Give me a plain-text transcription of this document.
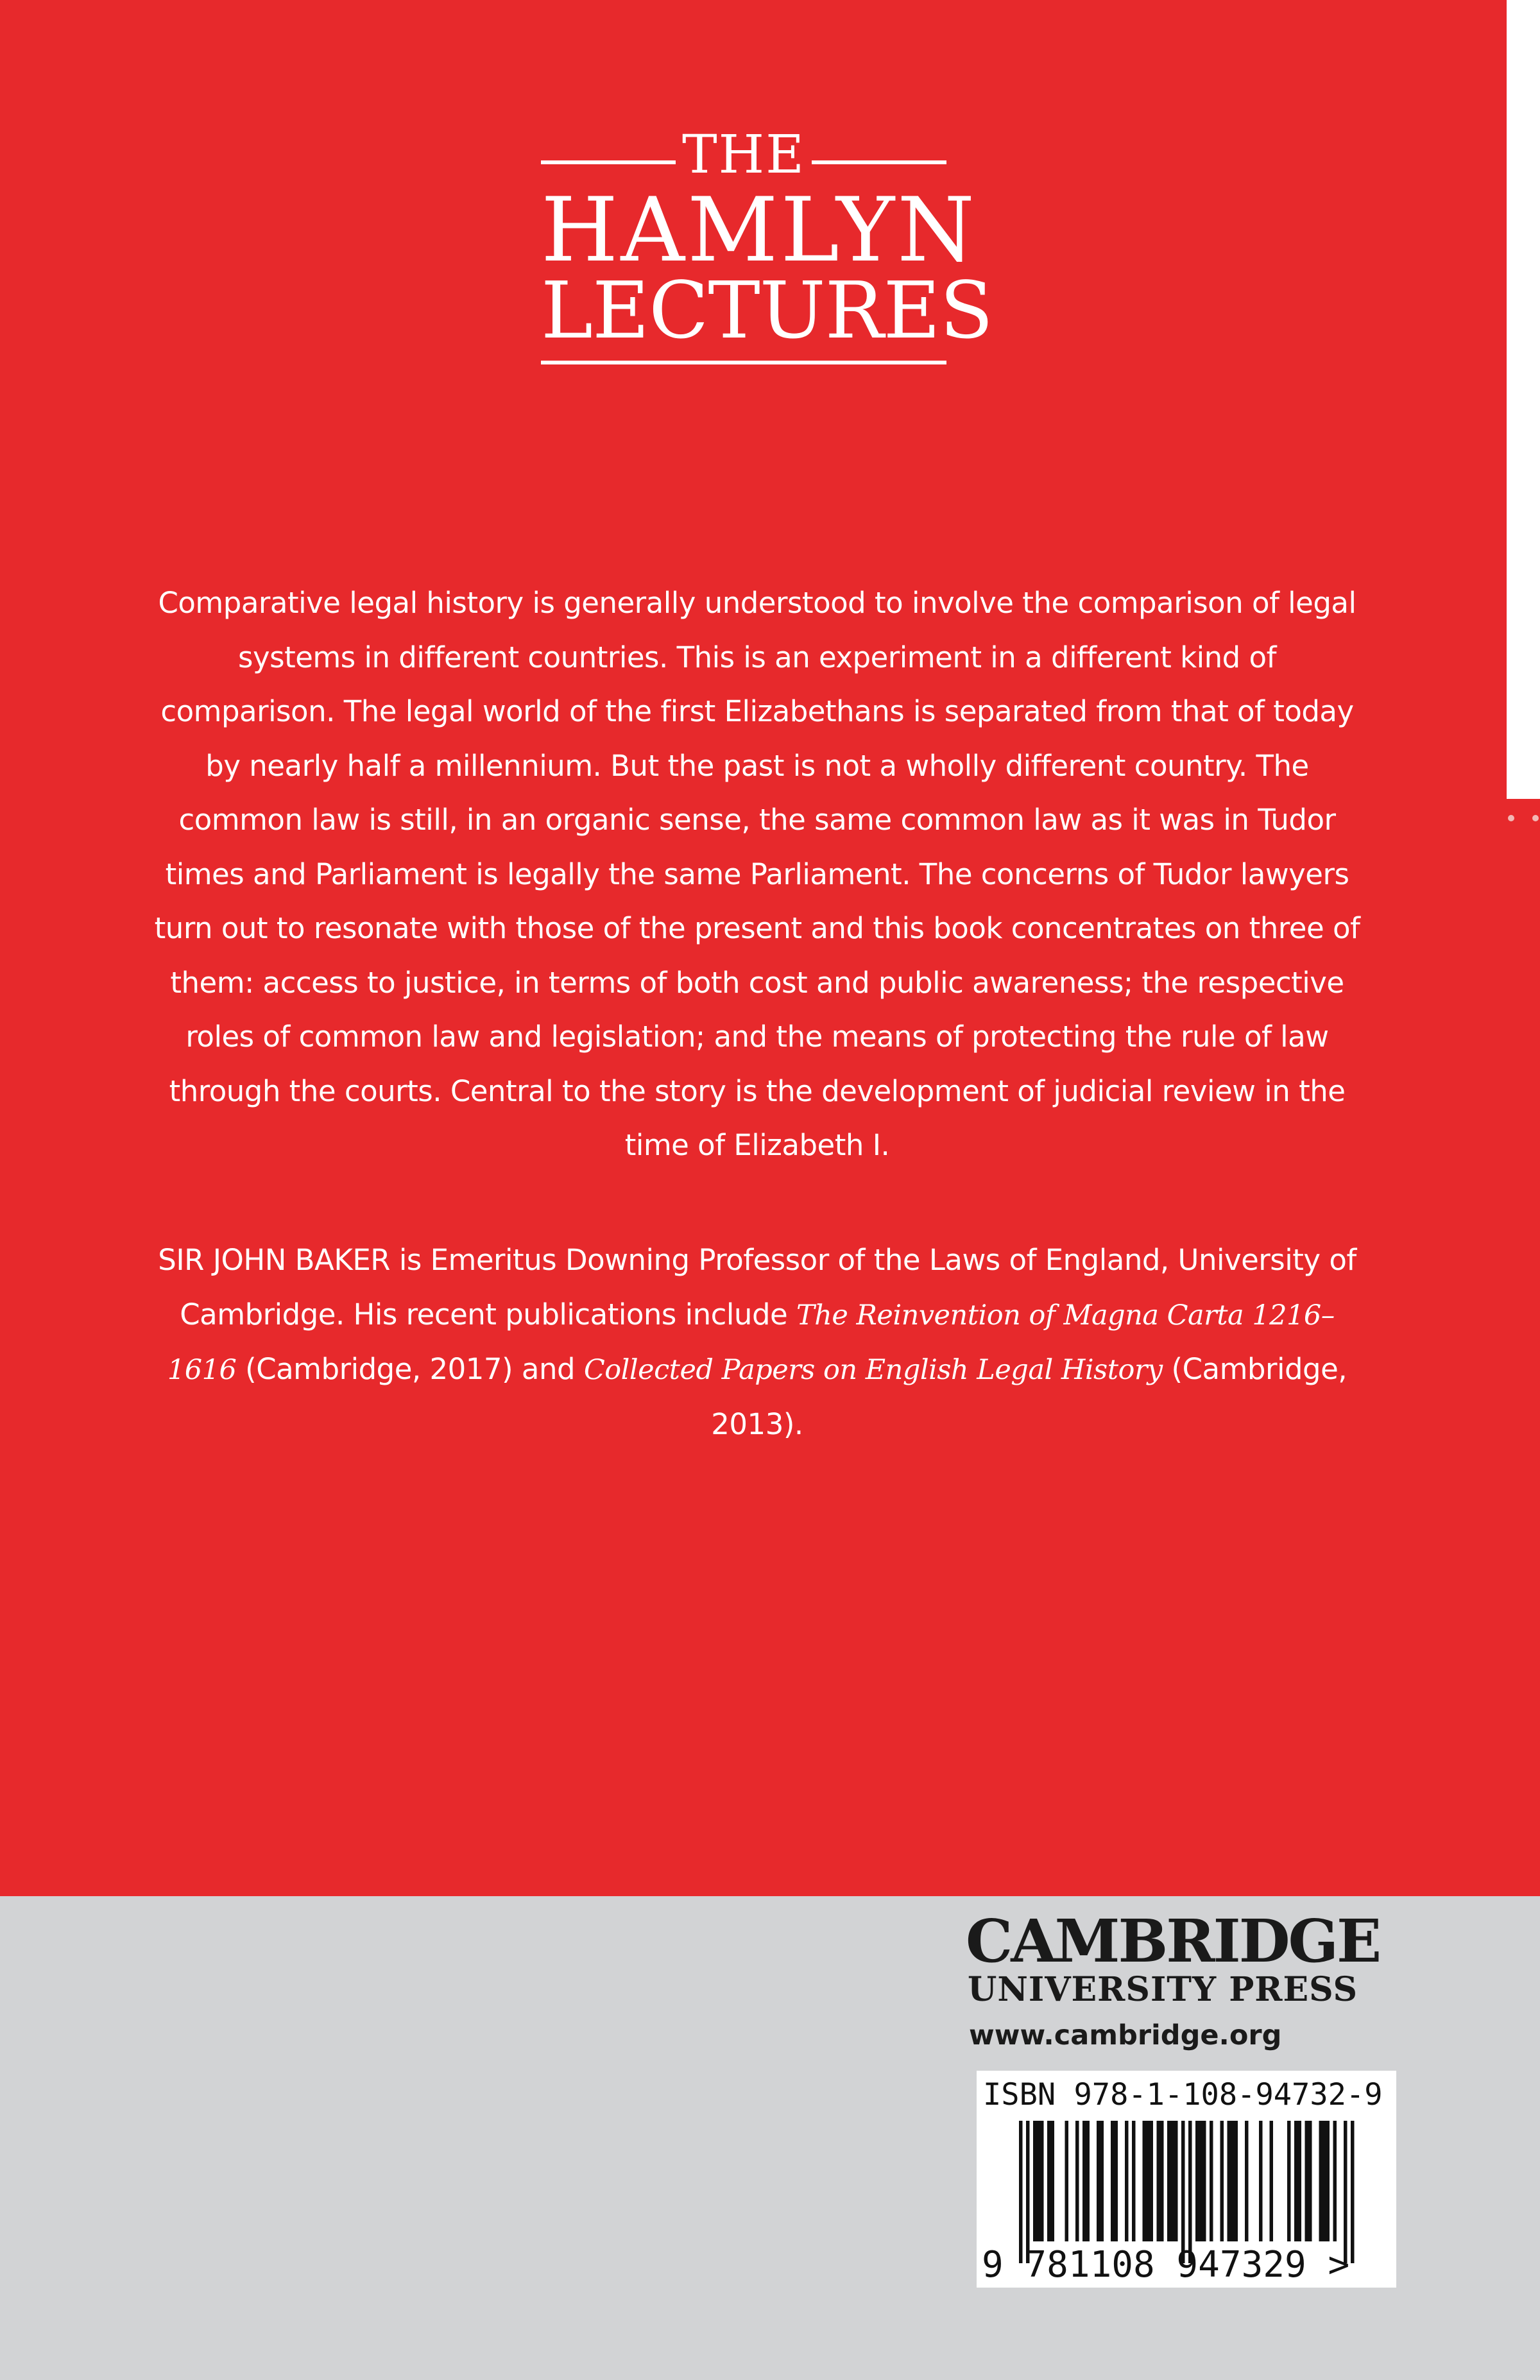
THE
HAMLYN
LECTURES

Comparative legal history is generally understood to involve the comparison of legal systems in different countries. This is an experiment in a different kind of comparison. The legal world of the first Elizabethans is separated from that of today by nearly half a millennium. But the past is not a wholly different country. The common law is still, in an organic sense, the same common law as it was in Tudor times and Parliament is legally the same Parliament. The concerns of Tudor lawyers turn out to resonate with those of the present and this book concentrates on three of them: access to justice, in terms of both cost and public awareness; the respective roles of common law and legislation; and the means of protecting the rule of law through the courts. Central to the story is the development of judicial review in the time of Elizabeth I.

SIR JOHN BAKER is Emeritus Downing Professor of the Laws of England, University of Cambridge. His recent publications include The Reinvention of Magna Carta 1216–1616 (Cambridge, 2017) and Collected Papers on English Legal History (Cambridge, 2013).

CAMBRIDGE
UNIVERSITY PRESS
www.cambridge.org
ISBN 978-1-108-94732-9
9 781108 947329 >
